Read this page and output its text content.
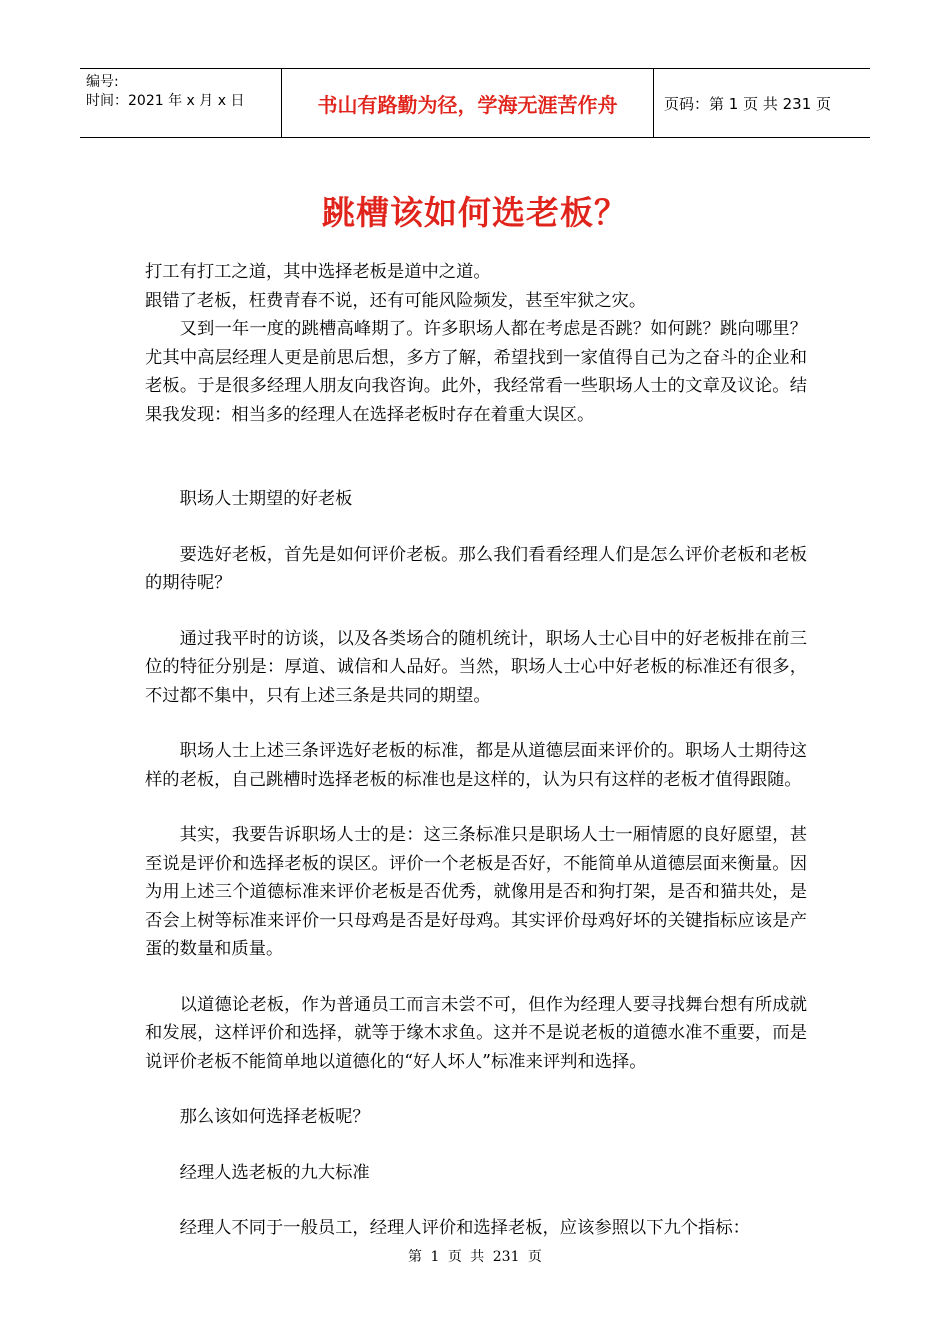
编号:
时间：2021 年 x 月 x 日	书山有路勤为径，学海无涯苦作舟	页码：第 1 页 共 231 页
跳槽该如何选老板？

打工有打工之道，其中选择老板是道中之道。

跟错了老板，枉费青春不说，还有可能风险频发，甚至牢狱之灾。

又到一年一度的跳槽高峰期了。许多职场人都在考虑是否跳？如何跳？跳向哪里？尤其中高层经理人更是前思后想，多方了解，希望找到一家值得自己为之奋斗的企业和老板。于是很多经理人朋友向我咨询。此外，我经常看一些职场人士的文章及议论。结果我发现：相当多的经理人在选择老板时存在着重大误区。

职场人士期望的好老板

要选好老板，首先是如何评价老板。那么我们看看经理人们是怎么评价老板和老板的期待呢？

通过我平时的访谈，以及各类场合的随机统计，职场人士心目中的好老板排在前三位的特征分别是：厚道、诚信和人品好。当然，职场人士心中好老板的标准还有很多，不过都不集中，只有上述三条是共同的期望。

职场人士上述三条评选好老板的标准，都是从道德层面来评价的。职场人士期待这样的老板，自己跳槽时选择老板的标准也是这样的，认为只有这样的老板才值得跟随。

其实，我要告诉职场人士的是：这三条标准只是职场人士一厢情愿的良好愿望，甚至说是评价和选择老板的误区。评价一个老板是否好，不能简单从道德层面来衡量。因为用上述三个道德标准来评价老板是否优秀，就像用是否和狗打架，是否和猫共处，是否会上树等标准来评价一只母鸡是否是好母鸡。其实评价母鸡好坏的关键指标应该是产蛋的数量和质量。

以道德论老板，作为普通员工而言未尝不可，但作为经理人要寻找舞台想有所成就和发展，这样评价和选择，就等于缘木求鱼。这并不是说老板的道德水准不重要，而是说评价老板不能简单地以道德化的“好人坏人”标准来评判和选择。

那么该如何选择老板呢？

经理人选老板的九大标准

经理人不同于一般员工，经理人评价和选择老板，应该参照以下九个指标：

第 1 页 共 231 页
